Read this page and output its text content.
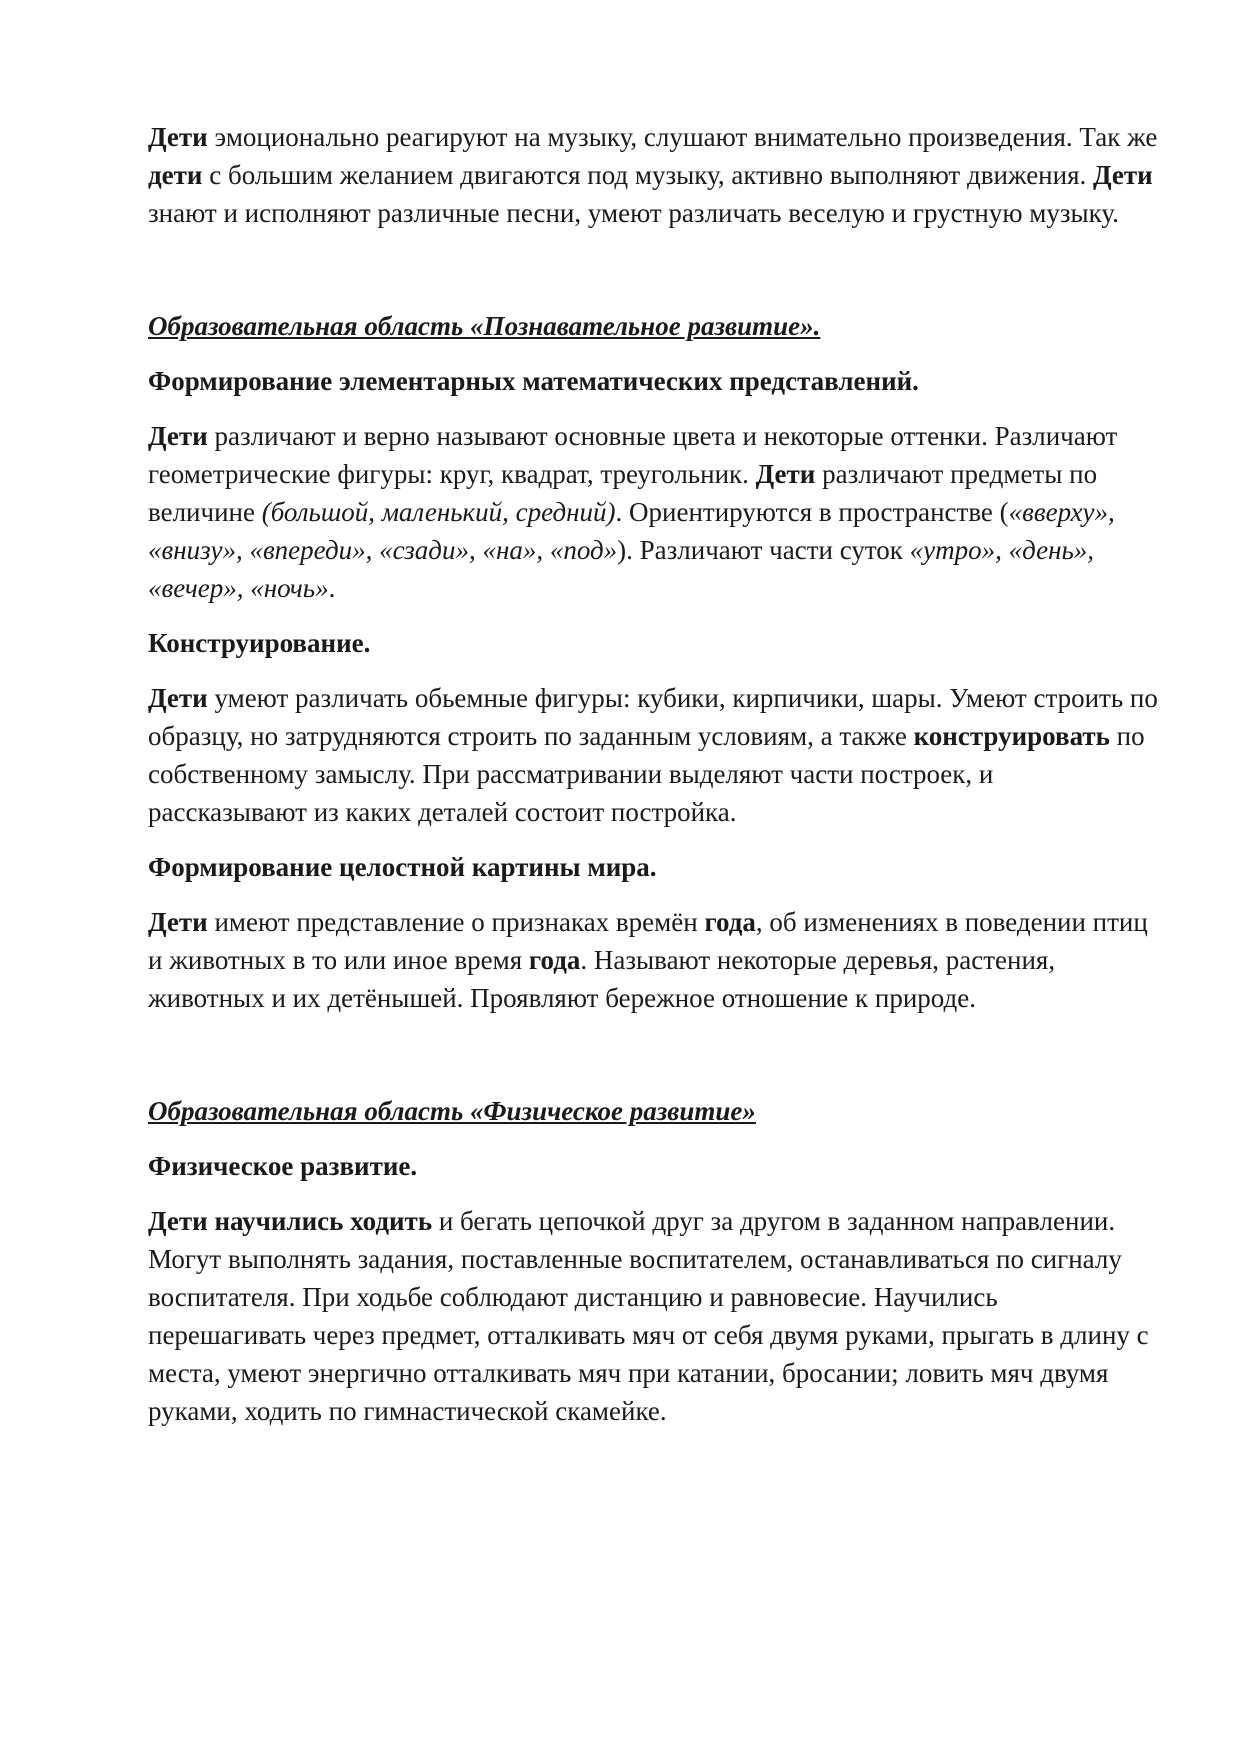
Дети эмоционально реагируют на музыку, слушают внимательно произведения. Так же дети с большим желанием двигаются под музыку, активно выполняют движения. Дети знают и исполняют различные песни, умеют различать веселую и грустную музыку.

Образовательная область «Познавательное развитие».

Формирование элементарных математических представлений.

Дети различают и верно называют основные цвета и некоторые оттенки. Различают геометрические фигуры: круг, квадрат, треугольник. Дети различают предметы по величине (большой, маленький, средний). Ориентируются в пространстве («вверху», «внизу», «впереди», «сзади», «на», «под»). Различают части суток «утро», «день», «вечер», «ночь».

Конструирование.

Дети умеют различать обьемные фигуры: кубики, кирпичики, шары. Умеют строить по образцу, но затрудняются строить по заданным условиям, а также конструировать по собственному замыслу. При рассматривании выделяют части построек, и рассказывают из каких деталей состоит постройка.

Формирование целостной картины мира.

Дети имеют представление о признаках времён года, об изменениях в поведении птиц и животных в то или иное время года. Называют некоторые деревья, растения, животных и их детёнышей. Проявляют бережное отношение к природе.

Образовательная область «Физическое развитие»

Физическое развитие.

Дети научились ходить и бегать цепочкой друг за другом в заданном направлении. Могут выполнять задания, поставленные воспитателем, останавливаться по сигналу воспитателя. При ходьбе соблюдают дистанцию и равновесие. Научились перешагивать через предмет, отталкивать мяч от себя двумя руками, прыгать в длину с места, умеют энергично отталкивать мяч при катании, бросании; ловить мяч двумя руками, ходить по гимнастической скамейке.
